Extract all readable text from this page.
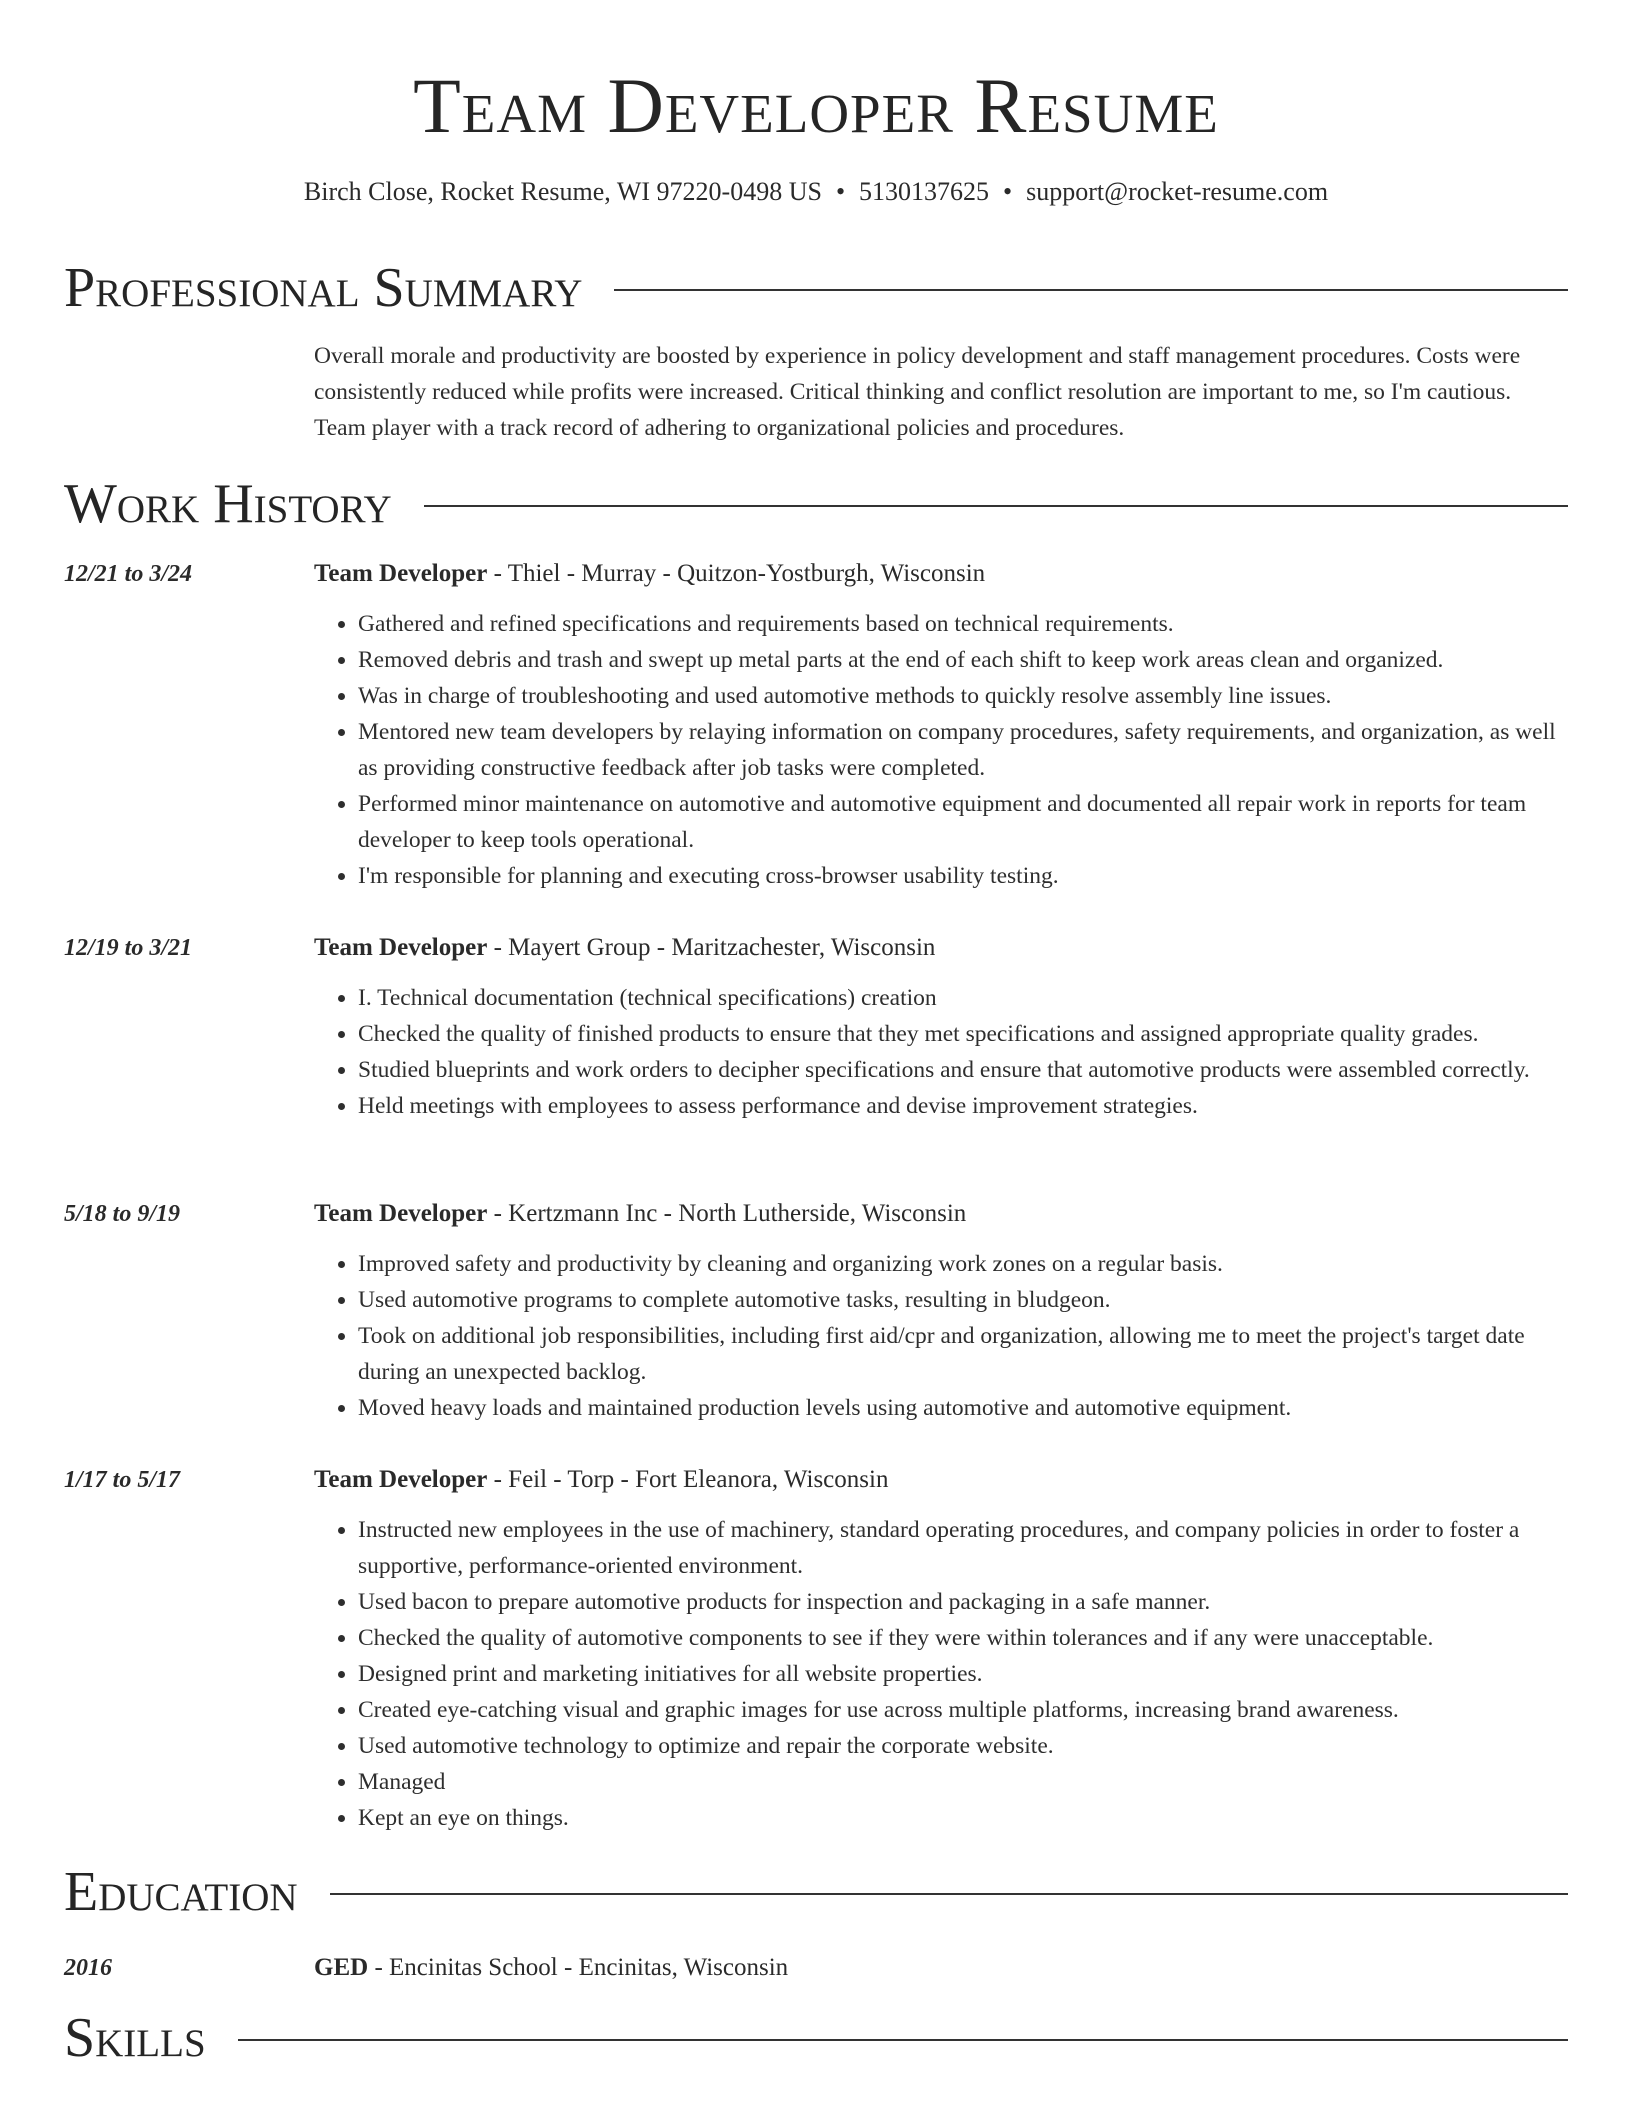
Team Developer Resume
Birch Close, Rocket Resume, WI 97220-0498 US • 5130137625 • support@rocket-resume.com
Professional Summary
Overall morale and productivity are boosted by experience in policy development and staff management procedures. Costs were consistently reduced while profits were increased. Critical thinking and conflict resolution are important to me, so I'm cautious. Team player with a track record of adhering to organizational policies and procedures.
Work History
12/21 to 3/24	Team Developer - Thiel - Murray - Quitzon-Yostburgh, Wisconsin
• Gathered and refined specifications and requirements based on technical requirements.
• Removed debris and trash and swept up metal parts at the end of each shift to keep work areas clean and organized.
• Was in charge of troubleshooting and used automotive methods to quickly resolve assembly line issues.
• Mentored new team developers by relaying information on company procedures, safety requirements, and organization, as well as providing constructive feedback after job tasks were completed.
• Performed minor maintenance on automotive and automotive equipment and documented all repair work in reports for team developer to keep tools operational.
• I'm responsible for planning and executing cross-browser usability testing.
12/19 to 3/21	Team Developer - Mayert Group - Maritzachester, Wisconsin
• I. Technical documentation (technical specifications) creation
• Checked the quality of finished products to ensure that they met specifications and assigned appropriate quality grades.
• Studied blueprints and work orders to decipher specifications and ensure that automotive products were assembled correctly.
• Held meetings with employees to assess performance and devise improvement strategies.
5/18 to 9/19	Team Developer - Kertzmann Inc - North Lutherside, Wisconsin
• Improved safety and productivity by cleaning and organizing work zones on a regular basis.
• Used automotive programs to complete automotive tasks, resulting in bludgeon.
• Took on additional job responsibilities, including first aid/cpr and organization, allowing me to meet the project's target date during an unexpected backlog.
• Moved heavy loads and maintained production levels using automotive and automotive equipment.
1/17 to 5/17	Team Developer - Feil - Torp - Fort Eleanora, Wisconsin
• Instructed new employees in the use of machinery, standard operating procedures, and company policies in order to foster a supportive, performance-oriented environment.
• Used bacon to prepare automotive products for inspection and packaging in a safe manner.
• Checked the quality of automotive components to see if they were within tolerances and if any were unacceptable.
• Designed print and marketing initiatives for all website properties.
• Created eye-catching visual and graphic images for use across multiple platforms, increasing brand awareness.
• Used automotive technology to optimize and repair the corporate website.
• Managed
• Kept an eye on things.
Education
2016	GED - Encinitas School - Encinitas, Wisconsin
Skills
